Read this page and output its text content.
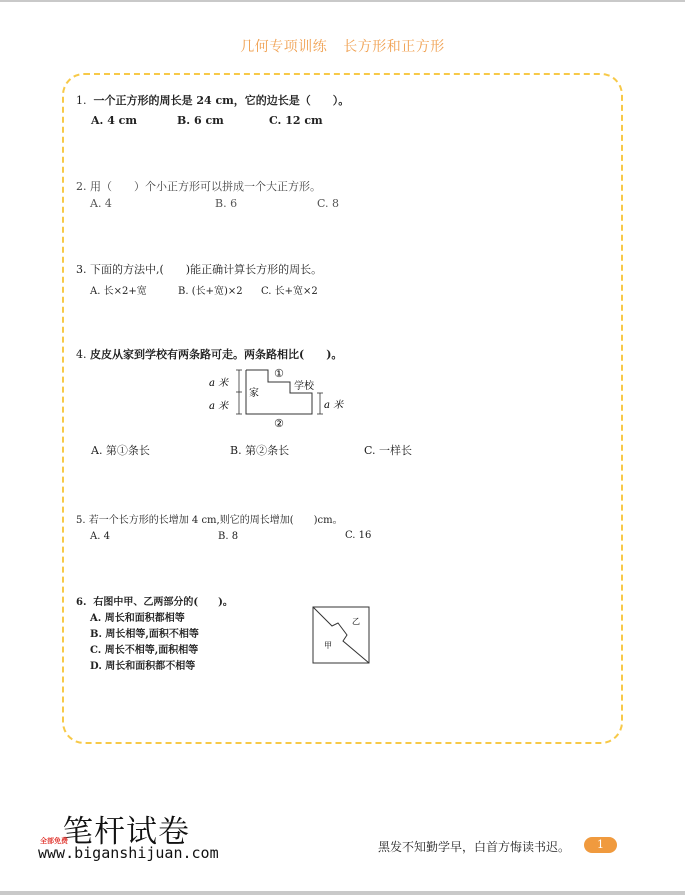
几何专项训练 长方形和正方形
1. 一个正方形的周长是 24 cm，它的边长是（　　）。
A. 4 cm	B. 6 cm	C. 12 cm
2. 用（　　）个小正方形可以拼成一个大正方形。
A. 4	B. 6	C. 8
3. 下面的方法中,(　　)能正确计算长方形的周长。
A. 长×2+宽	B. (长+宽)×2 C. 长+宽×2
4. 皮皮从家到学校有两条路可走。两条路相比(　　)。
a 米
a 米	a 米
家
学校
①
②
A. 第①条长	B. 第②条长	C. 一样长
5. 若一个长方形的长增加 4 cm,则它的周长增加(　　)cm。
A. 4	B. 8	C. 16
6. 右图中甲、乙两部分的(　　)。
A. 周长和面积都相等
B. 周长相等,面积不相等
C. 周长不相等,面积相等
D. 周长和面积都不相等
乙
甲
笔杆试卷
全部免费
www.biganshijuan.com	黑发不知勤学早，白首方悔读书迟。	1
